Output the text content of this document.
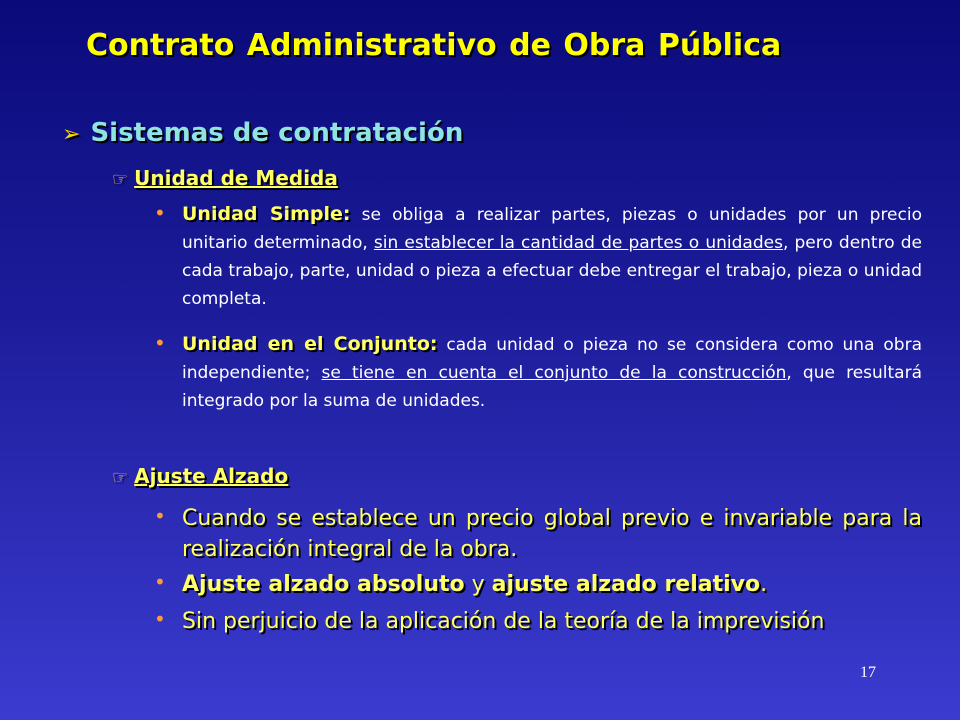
Contrato Administrativo de Obra Pública
➢ Sistemas de contratación
☞ Unidad de Medida
• Unidad Simple: se obliga a realizar partes, piezas o unidades por un precio unitario determinado, sin establecer la cantidad de partes o unidades, pero dentro de cada trabajo, parte, unidad o pieza a efectuar debe entregar el trabajo, pieza o unidad completa.
• Unidad en el Conjunto: cada unidad o pieza no se considera como una obra independiente; se tiene en cuenta el conjunto de la construcción, que resultará integrado por la suma de unidades.
☞ Ajuste Alzado
• Cuando se establece un precio global previo e invariable para la realización integral de la obra.
• Ajuste alzado absoluto y ajuste alzado relativo.
• Sin perjuicio de la aplicación de la teoría de la imprevisión
17
